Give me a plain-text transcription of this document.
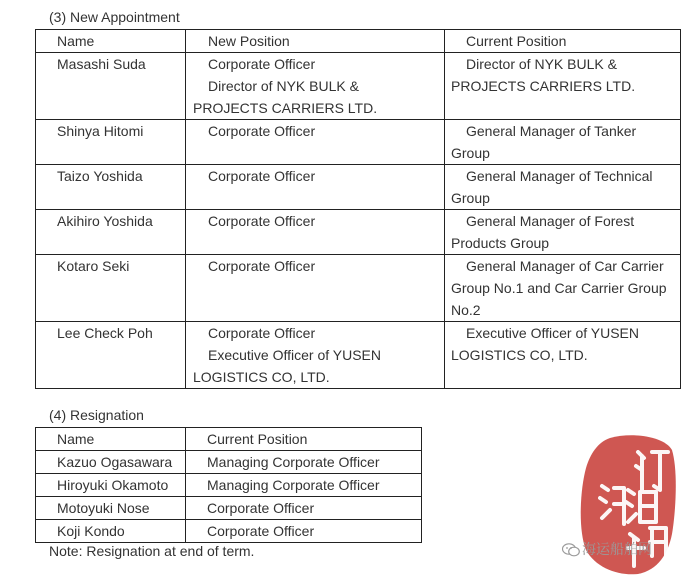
(3) New Appointment
Name	New Position	Current Position
Masashi Suda	Corporate Officer
Director of NYK BULK &
PROJECTS CARRIERS LTD.	Director of NYK BULK & PROJECTS CARRIERS LTD.

Shinya Hitomi	Corporate Officer	General Manager of Tanker Group

Taizo Yoshida	Corporate Officer	General Manager of Technical Group

Akihiro Yoshida	Corporate Officer	General Manager of Forest Products Group

Kotaro Seki	Corporate Officer	General Manager of Car Carrier Group No.1 and Car Carrier Group No.2

Lee Check Poh	Corporate Officer
Executive Officer of YUSEN
LOGISTICS CO, LTD.	Executive Officer of YUSEN LOGISTICS CO, LTD.
(4) Resignation
Name	Current Position
Kazuo Ogasawara	Managing Corporate Officer
Hiroyuki Okamoto	Managing Corporate Officer
Motoyuki Nose	Corporate Officer
Koji Kondo	Corporate Officer
Note: Resignation at end of term.	海运船舶网
